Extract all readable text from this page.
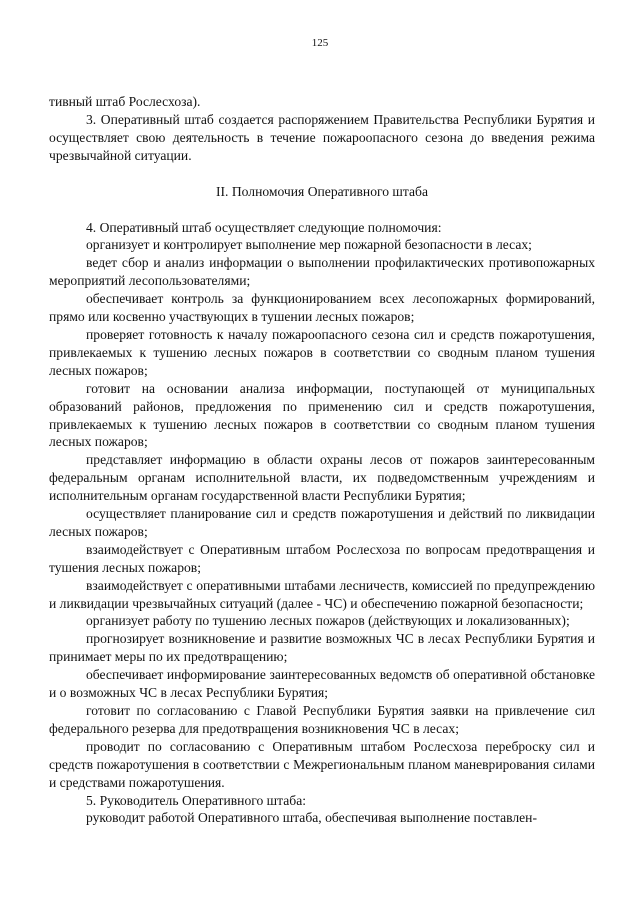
125

тивный штаб Рослесхоза).

3. Оперативный штаб создается распоряжением Правительства Республики Бурятия и осуществляет свою деятельность в течение пожароопасного сезона до введения режима чрезвычайной ситуации.

II. Полномочия Оперативного штаба

4. Оперативный штаб осуществляет следующие полномочия:

организует и контролирует выполнение мер пожарной безопасности в лесах;

ведет сбор и анализ информации о выполнении профилактических противопожарных мероприятий лесопользователями;

обеспечивает контроль за функционированием всех лесопожарных формирований, прямо или косвенно участвующих в тушении лесных пожаров;

проверяет готовность к началу пожароопасного сезона сил и средств пожаротушения, привлекаемых к тушению лесных пожаров в соответствии со сводным планом тушения лесных пожаров;

готовит на основании анализа информации, поступающей от муниципальных образований районов, предложения по применению сил и средств пожаротушения, привлекаемых к тушению лесных пожаров в соответствии со сводным планом тушения лесных пожаров;

представляет информацию в области охраны лесов от пожаров заинтересованным федеральным органам исполнительной власти, их подведомственным учреждениям и исполнительным органам государственной власти Республики Бурятия;

осуществляет планирование сил и средств пожаротушения и действий по ликвидации лесных пожаров;

взаимодействует с Оперативным штабом Рослесхоза по вопросам предотвращения и тушения лесных пожаров;

взаимодействует с оперативными штабами лесничеств, комиссией по предупреждению и ликвидации чрезвычайных ситуаций (далее - ЧС) и обеспечению пожарной безопасности;

организует работу по тушению лесных пожаров (действующих и локализованных);

прогнозирует возникновение и развитие возможных ЧС в лесах Республики Бурятия и принимает меры по их предотвращению;

обеспечивает информирование заинтересованных ведомств об оперативной обстановке и о возможных ЧС в лесах Республики Бурятия;

готовит по согласованию с Главой Республики Бурятия заявки на привлечение сил федерального резерва для предотвращения возникновения ЧС в лесах;

проводит по согласованию с Оперативным штабом Рослесхоза переброску сил и средств пожаротушения в соответствии с Межрегиональным планом маневрирования силами и средствами пожаротушения.

5. Руководитель Оперативного штаба:

руководит работой Оперативного штаба, обеспечивая выполнение поставлен-
